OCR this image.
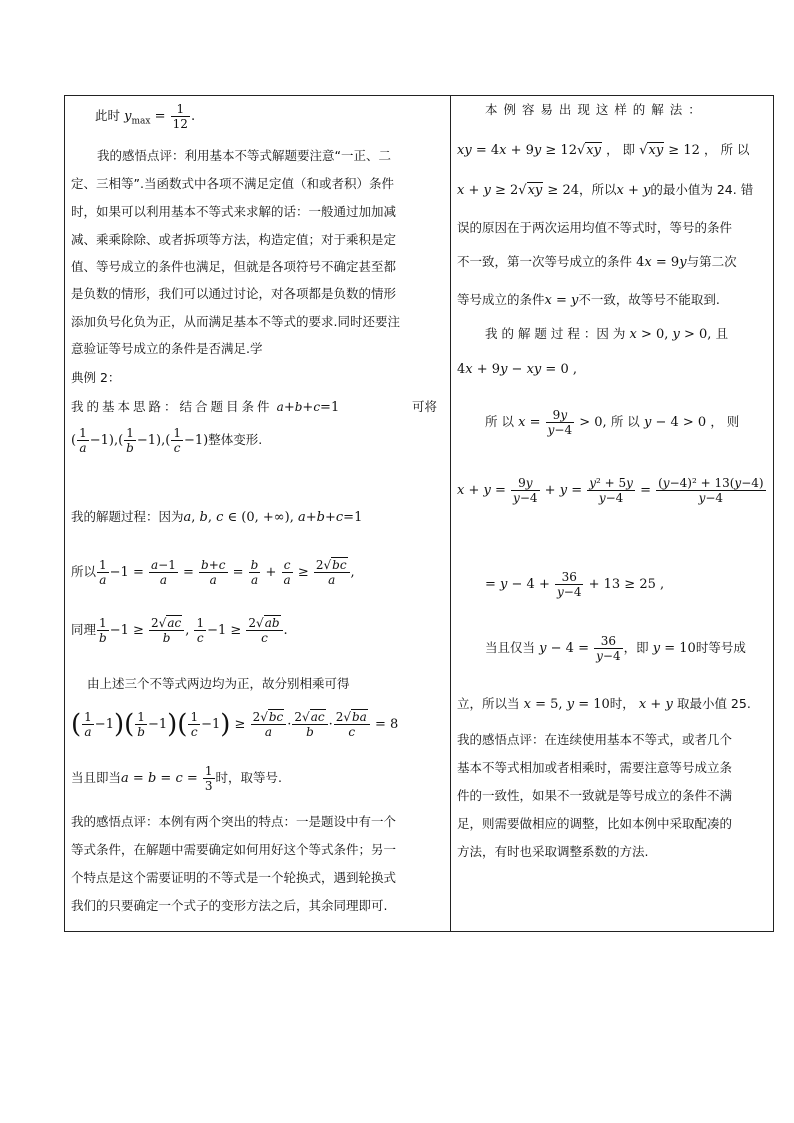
此时 $y_{max} = \frac{1}{12}$ .
我的感悟点评：利用基本不等式解题要注意“一正、二
定、三相等”.当函数式中各项不满足定值（和或者积）条件
时，如果可以利用基本不等式来求解的话：一般通过加加减
减、乘乘除除、或者拆项等方法，构造定值；对于乘积是定
值、等号成立的条件也满足，但就是各项符号不确定甚至都
是负数的情形，我们可以通过讨论，对各项都是负数的情形
添加负号化负为正，从而满足基本不等式的要求.同时还要注
意验证等号成立的条件是否满足.学
典例 2：
我的基本思路：结合题目条件 a+b+c=1	可将
( $\frac{1}{a} -1),( \frac{1}{b} -1),( \frac{1}{c} -1)$整体变形.
我的解题过程：因为a, b, c ∈ (0, +∞), a+b+c=1
所以 $\frac{1}{a} -1 = \frac{a-1}{a} = \frac{b+c}{a} = \frac{b}{a} + \frac{c}{a} \ge \frac{2√bc}{a}$ ,
同理 $\frac{1}{b} -1 \ge \frac{2√ac}{b}$ , $\frac{1}{c} -1 \ge \frac{2√ab}{c}$ .
由上述三个不等式两边均为正，故分别相乘可得
( $\frac{1}{a} -1)( \frac{1}{b} -1)( \frac{1}{c} -1) \ge \frac{2√bc}{a} \cdot \frac{2√ac}{b} \cdot \frac{2√ba}{c} = 8$
当且即当$a = b = c = \frac{1}{3}$ 时，取等号.
我的感悟点评：本例有两个突出的特点：一是题设中有一个
等式条件，在解题中需要确定如何用好这个等式条件；另一
个特点是这个需要证明的不等式是一个轮换式，遇到轮换式
我们的只要确定一个式子的变形方法之后，其余同理即可.
本 例 容 易 出 现 这 样 的 解 法 ：
xy = 4x + 9y ≥ 12√xy ， 即 √xy ≥ 12 ， 所 以
x + y ≥ 2√xy ≥ 24，所以x + y的最小值为 24. 错
误的原因在于两次运用均值不等式时，等号的条件
不一致，第一次等号成立的条件 4x = 9y与第二次
等号成立的条件x = y不一致，故等号不能取到.
我 的 解 题 过 程 ：因 为 x > 0, y > 0, 且
4x + 9y − xy = 0 ,
所 以 $x = \frac{9y}{y-4} > 0$, 所 以 y − 4 > 0 ， 则
$x + y = \frac{9y}{y-4} + y = \frac{\text{y² + 5y}}{y-4} = \frac{\text{(y−4)² + 13(y−4)}}{y-4}$
= $y - 4 + \frac{36}{y-4} + 13 \ge 25$ ,
当且仅当 $y - 4 = \frac{36}{y-4}$ ，即 y = 10时等号成
立，所以当 x = 5, y = 10时， x + y 取最小值 25.
我的感悟点评：在连续使用基本不等式，或者几个
基本不等式相加或者相乘时，需要注意等号成立条
件的一致性，如果不一致就是等号成立的条件不满
足，则需要做相应的调整，比如本例中采取配凑的
方法，有时也采取调整系数的方法.
